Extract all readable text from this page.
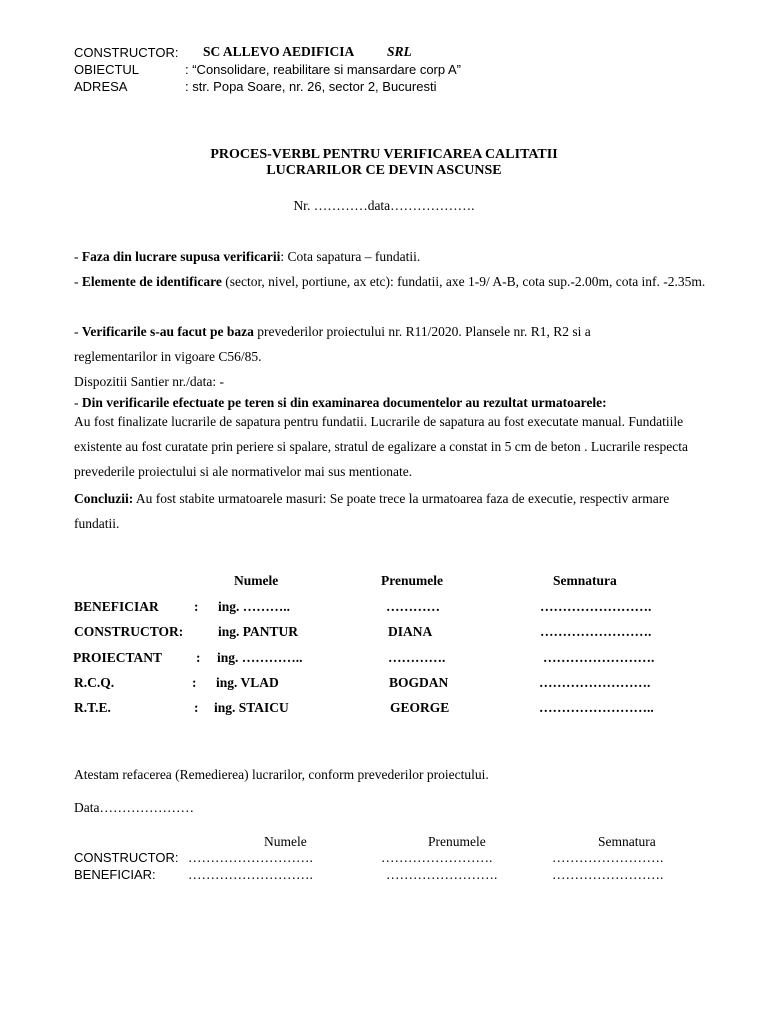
CONSTRUCTOR: SC ALLEVO AEDIFICIA SRL
OBIECTUL	: “Consolidare, reabilitare si mansardare corp A”
ADRESA	: str. Popa Soare, nr. 26, sector 2, Bucuresti
PROCES-VERBL PENTRU VERIFICAREA CALITATII
LUCRARILOR CE DEVIN ASCUNSE
Nr. …………data……………….
- Faza din lucrare supusa verificarii: Cota sapatura – fundatii.
- Elemente de identificare (sector, nivel, portiune, ax etc): fundatii, axe 1-9/ A-B, cota sup.-2.00m, cota inf. -2.35m.
- Verificarile s-au facut pe baza prevederilor proiectului nr. R11/2020. Plansele nr. R1, R2 si a reglementarilor in vigoare C56/85.
Dispozitii Santier nr./data: -
- Din verificarile efectuate pe teren si din examinarea documentelor au rezultat urmatoarele:
Au fost finalizate lucrarile de sapatura pentru fundatii. Lucrarile de sapatura au fost executate manual. Fundatiile existente au fost curatate prin periere si spalare, stratul de egalizare a constat in 5 cm de beton . Lucrarile respecta prevederile proiectului si ale normativelor mai sus mentionate.
Concluzii: Au fost stabite urmatoarele masuri: Se poate trece la urmatoarea faza de executie, respectiv armare fundatii.
Numele	Prenumele	Semnatura
BENEFICIAR	: ing. ………..	…………	…………………….
CONSTRUCTOR:	ing. PANTUR	DIANA	…………………….
PROIECTANT	: ing. …………..	………….	…………………….
R.C.Q.	: ing. VLAD	BOGDAN	…………………….
R.T.E.	: ing. STAICU	GEORGE	……………………..
Atestam refacerea (Remedierea) lucrarilor, conform prevederilor proiectului.
Data…………………
Numele	Prenumele	Semnatura
CONSTRUCTOR: ……………………….	…………………….	…………………….
BENEFICIAR: ……………………….	…………………….	…………………….
